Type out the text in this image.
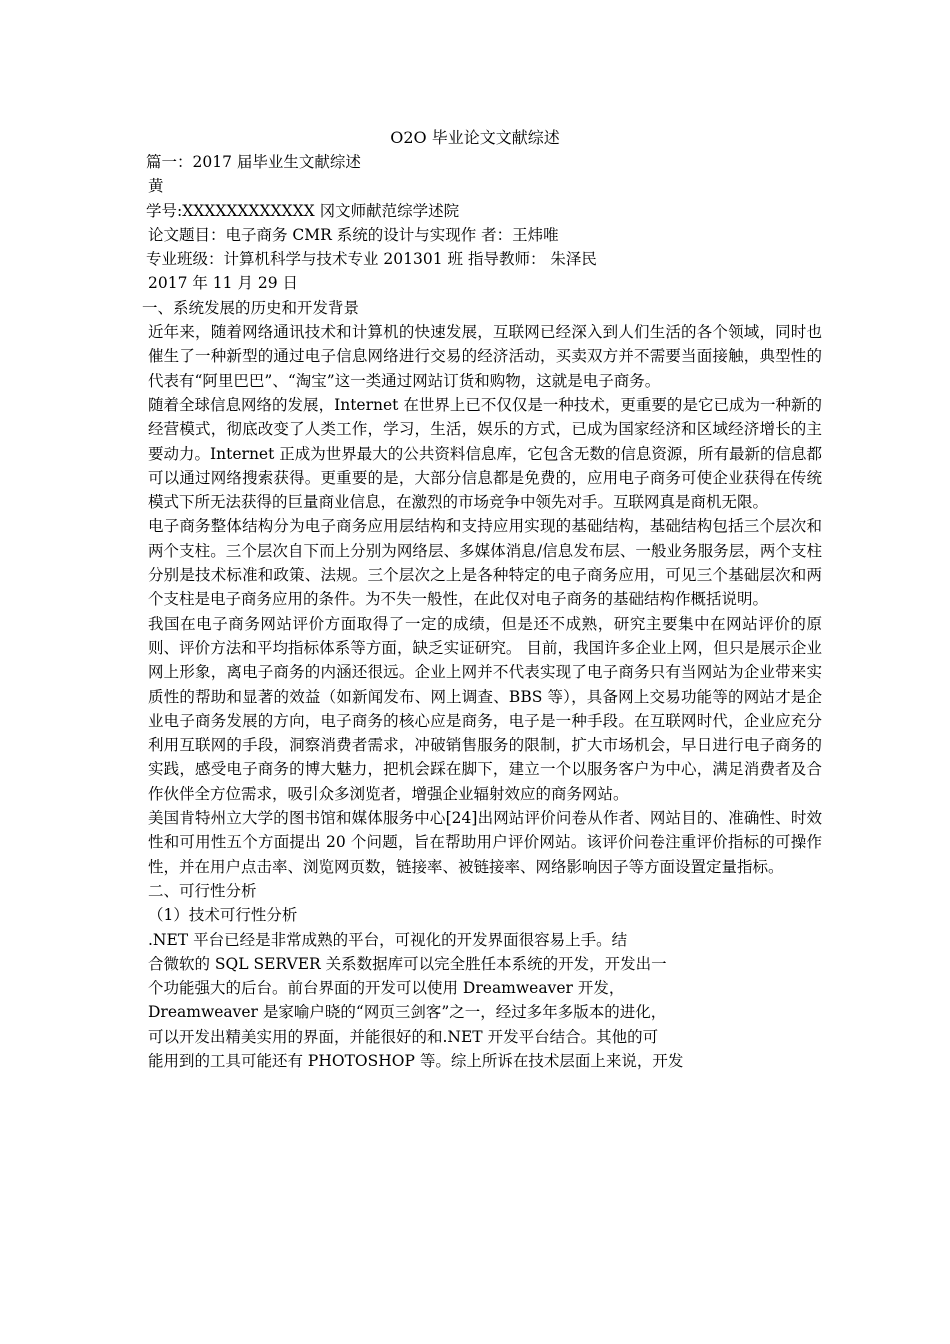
O2O 毕业论文文献综述
篇一：2017 届毕业生文献综述
黄
学号:XXXXXXXXXXXX 冈文师献范综学述院
论文题目：电子商务 CMR 系统的设计与实现作 者：王炜唯
专业班级：计算机科学与技术专业 201301 班 指导教师： 朱泽民
2017 年 11 月 29 日
一、系统发展的历史和开发背景
近年来，随着网络通讯技术和计算机的快速发展，互联网已经深入到人们生活的各个领域，同时也催生了一种新型的通过电子信息网络进行交易的经济活动，买卖双方并不需要当面接触，典型性的代表有“阿里巴巴”、“淘宝”这一类通过网站订货和购物，这就是电子商务。
随着全球信息网络的发展，Internet 在世界上已不仅仅是一种技术，更重要的是它已成为一种新的经营模式，彻底改变了人类工作，学习，生活，娱乐的方式，已成为国家经济和区域经济增长的主要动力。Internet 正成为世界最大的公共资料信息库，它包含无数的信息资源，所有最新的信息都可以通过网络搜索获得。更重要的是，大部分信息都是免费的，应用电子商务可使企业获得在传统模式下所无法获得的巨量商业信息，在激烈的市场竞争中领先对手。互联网真是商机无限。
电子商务整体结构分为电子商务应用层结构和支持应用实现的基础结构，基础结构包括三个层次和两个支柱。三个层次自下而上分别为网络层、多媒体消息/信息发布层、一般业务服务层，两个支柱分别是技术标准和政策、法规。三个层次之上是各种特定的电子商务应用，可见三个基础层次和两个支柱是电子商务应用的条件。为不失一般性，在此仅对电子商务的基础结构作概括说明。
我国在电子商务网站评价方面取得了一定的成绩，但是还不成熟，研究主要集中在网站评价的原则、评价方法和平均指标体系等方面，缺乏实证研究。 目前，我国许多企业上网，但只是展示企业网上形象，离电子商务的内涵还很远。企业上网并不代表实现了电子商务只有当网站为企业带来实质性的帮助和显著的效益（如新闻发布、网上调查、BBS 等），具备网上交易功能等的网站才是企业电子商务发展的方向，电子商务的核心应是商务，电子是一种手段。在互联网时代，企业应充分利用互联网的手段，洞察消费者需求，冲破销售服务的限制，扩大市场机会，早日进行电子商务的实践，感受电子商务的博大魅力，把机会踩在脚下，建立一个以服务客户为中心，满足消费者及合作伙伴全方位需求，吸引众多浏览者，增强企业辐射效应的商务网站。
美国肯特州立大学的图书馆和媒体服务中心[24]出网站评价问卷从作者、网站目的、准确性、时效性和可用性五个方面提出 20 个问题，旨在帮助用户评价网站。该评价问卷注重评价指标的可操作性，并在用户点击率、浏览网页数，链接率、被链接率、网络影响因子等方面设置定量指标。
二、可行性分析
（1）技术可行性分析
.NET 平台已经是非常成熟的平台，可视化的开发界面很容易上手。结
合微软的 SQL SERVER 关系数据库可以完全胜任本系统的开发，开发出一
个功能强大的后台。前台界面的开发可以使用 Dreamweaver 开发，
Dreamweaver 是家喻户晓的“网页三剑客”之一，经过多年多版本的进化，
可以开发出精美实用的界面，并能很好的和.NET 开发平台结合。其他的可
能用到的工具可能还有 PHOTOSHOP 等。综上所诉在技术层面上来说，开发
